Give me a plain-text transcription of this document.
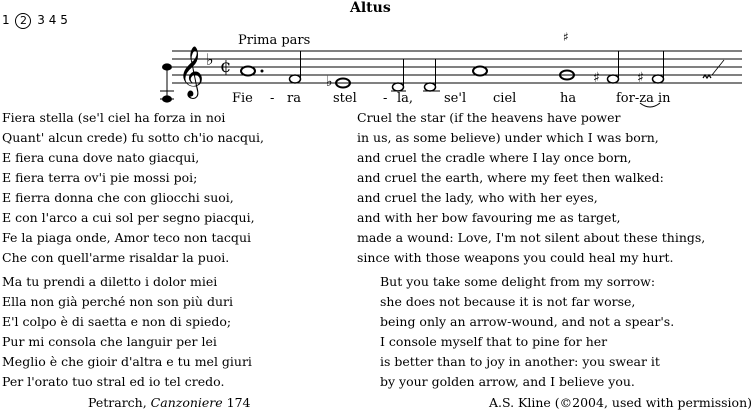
Altus
1 2 3 4 5
𝄞 ♭ ¢
♭	♯	♯
Prima pars	♯
Fie - ra stel - la, se'l ciel	ha	for-za in
Fiera stella (se'l ciel ha forza in noi
Quant' alcun crede) fu sotto ch'io nacqui,
E fiera cuna dove nato giacqui,
E fiera terra ov'i pie mossi poi;
E fierra donna che con gliocchi suoi,
E con l'arco a cui sol per segno piacqui,
Fe la piaga onde, Amor teco non tacqui
Che con quell'arme risaldar la puoi.
Cruel the star (if the heavens have power
in us, as some believe) under which I was born,
and cruel the cradle where I lay once born,
and cruel the earth, where my feet then walked:
and cruel the lady, who with her eyes,
and with her bow favouring me as target,
made a wound: Love, I'm not silent about these things,
since with those weapons you could heal my hurt.
Ma tu prendi a diletto i dolor miei
Ella non già perché non son più duri
E'l colpo è di saetta e non di spiedo;
Pur mi consola che languir per lei
Meglio è che gioir d'altra e tu mel giuri
Per l'orato tuo stral ed io tel credo.
But you take some delight from my sorrow:
she does not because it is not far worse,
being only an arrow-wound, and not a spear's.
I console myself that to pine for her
is better than to joy in another: you swear it
by your golden arrow, and I believe you.
Petrarch, Canzoniere 174	A.S. Kline (©2004, used with permission)
